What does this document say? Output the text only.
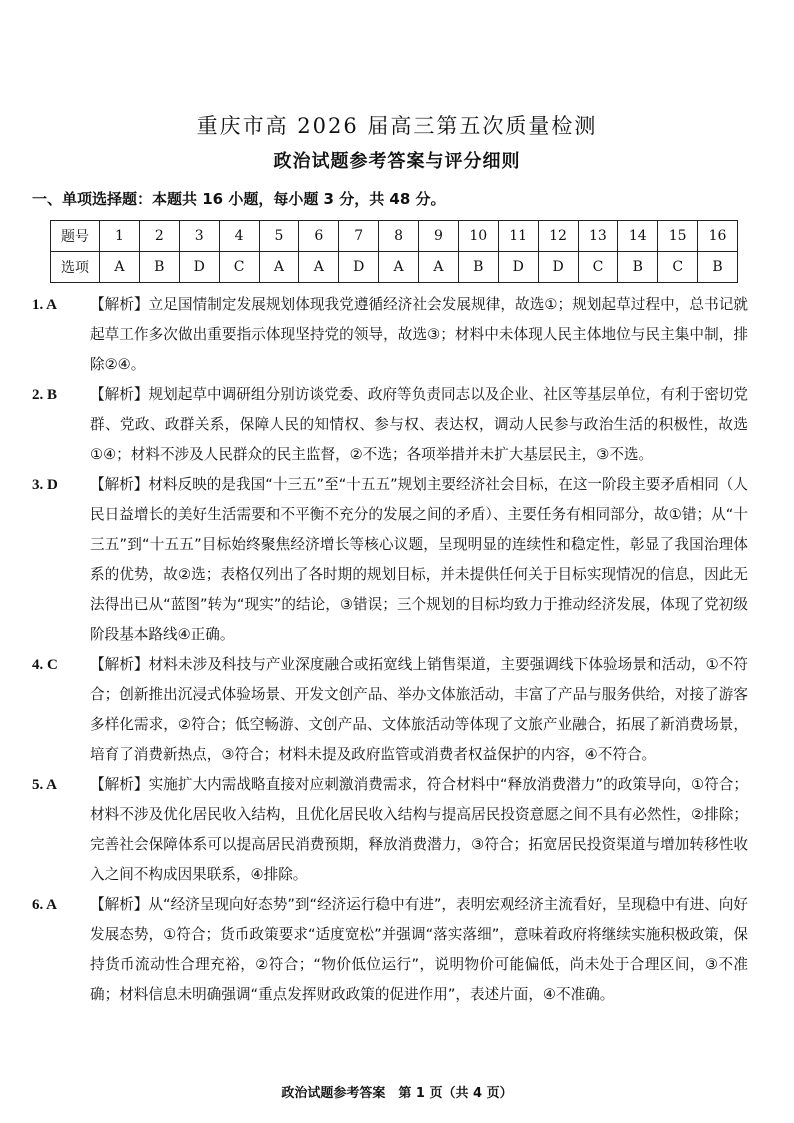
重庆市高 2026 届高三第五次质量检测
政治试题参考答案与评分细则
一、单项选择题：本题共 16 小题，每小题 3 分，共 48 分。
题号	1	2	3	4	5	6	7	8	9	10	11	12	13	14	15	16
选项	A	B	D	C	A	A	D	A	A	B	D	D	C	B	C	B

1. A 【解析】立足国情制定发展规划体现我党遵循经济社会发展规律，故选①；规划起草过程中，总书记就起草工作多次做出重要指示体现坚持党的领导，故选③；材料中未体现人民主体地位与民主集中制，排除②④。

2. B 【解析】规划起草中调研组分别访谈党委、政府等负责同志以及企业、社区等基层单位，有利于密切党群、党政、政群关系，保障人民的知情权、参与权、表达权，调动人民参与政治生活的积极性，故选①④；材料不涉及人民群众的民主监督，②不选；各项举措并未扩大基层民主，③不选。

3. D 【解析】材料反映的是我国“十三五”至“十五五”规划主要经济社会目标，在这一阶段主要矛盾相同（人民日益增长的美好生活需要和不平衡不充分的发展之间的矛盾）、主要任务有相同部分，故①错；从“十三五”到“十五五”目标始终聚焦经济增长等核心议题，呈现明显的连续性和稳定性，彰显了我国治理体系的优势，故②选；表格仅列出了各时期的规划目标，并未提供任何关于目标实现情况的信息，因此无法得出已从“蓝图”转为“现实”的结论，③错误；三个规划的目标均致力于推动经济发展，体现了党初级阶段基本路线④正确。

4. C 【解析】材料未涉及科技与产业深度融合或拓宽线上销售渠道，主要强调线下体验场景和活动，①不符合；创新推出沉浸式体验场景、开发文创产品、举办文体旅活动，丰富了产品与服务供给，对接了游客多样化需求，②符合；低空畅游、文创产品、文体旅活动等体现了文旅产业融合，拓展了新消费场景，培育了消费新热点，③符合；材料未提及政府监管或消费者权益保护的内容，④不符合。

5. A 【解析】实施扩大内需战略直接对应刺激消费需求，符合材料中“释放消费潜力”的政策导向，①符合；材料不涉及优化居民收入结构，且优化居民收入结构与提高居民投资意愿之间不具有必然性，②排除；完善社会保障体系可以提高居民消费预期，释放消费潜力，③符合；拓宽居民投资渠道与增加转移性收入之间不构成因果联系，④排除。

6. A 【解析】从“经济呈现向好态势”到“经济运行稳中有进”，表明宏观经济主流看好，呈现稳中有进、向好发展态势，①符合；货币政策要求“适度宽松”并强调“落实落细”，意味着政府将继续实施积极政策，保持货币流动性合理充裕，②符合；“物价低位运行”，说明物价可能偏低，尚未处于合理区间，③不准确；材料信息未明确强调“重点发挥财政政策的促进作用”，表述片面，④不准确。

政治试题参考答案　第 1 页（共 4 页）
